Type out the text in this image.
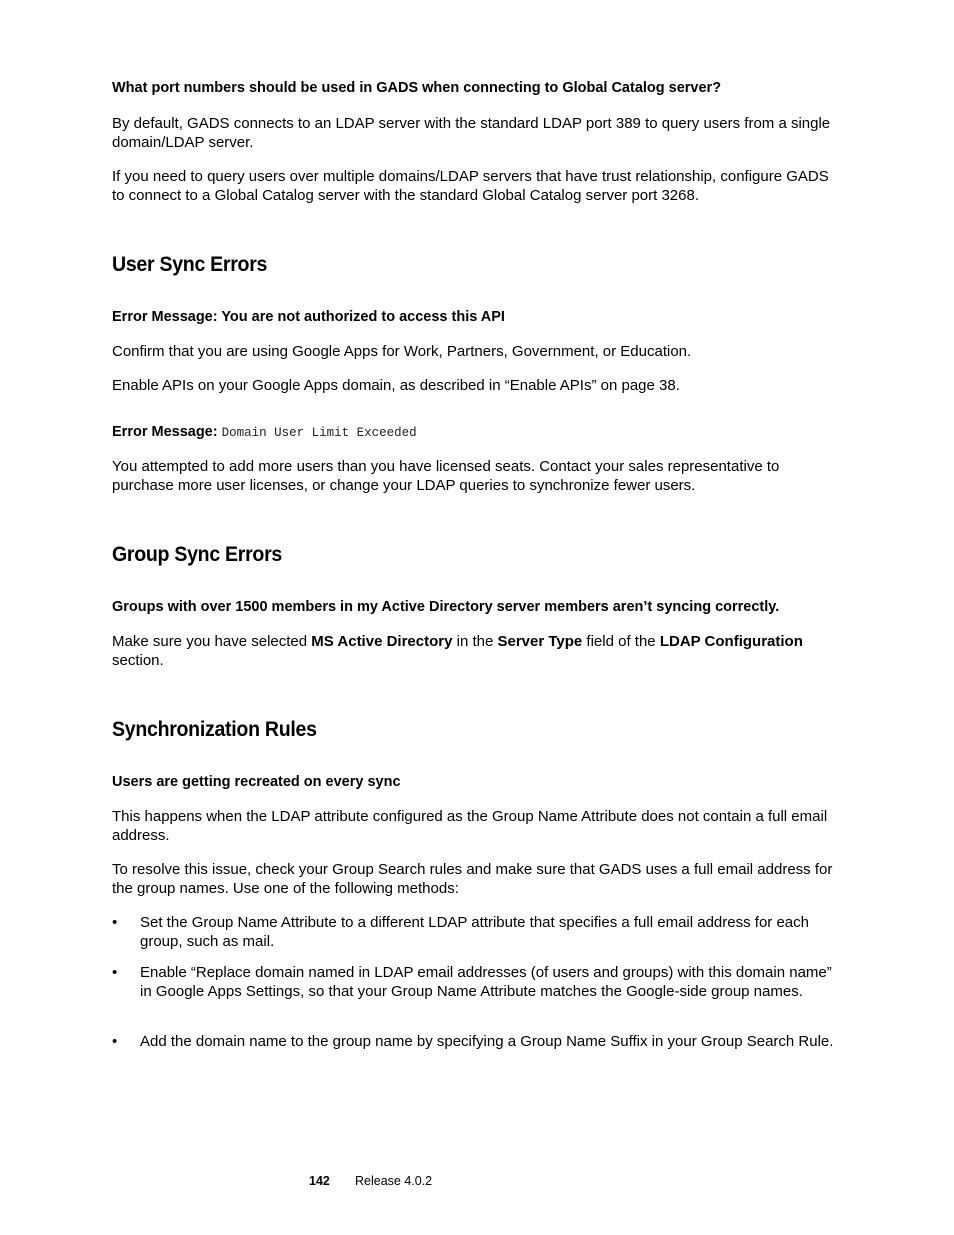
What port numbers should be used in GADS when connecting to Global Catalog server?

By default, GADS connects to an LDAP server with the standard LDAP port 389 to query users from a single domain/LDAP server.

If you need to query users over multiple domains/LDAP servers that have trust relationship, configure GADS to connect to a Global Catalog server with the standard Global Catalog server port 3268.

User Sync Errors

Error Message: You are not authorized to access this API

Confirm that you are using Google Apps for Work, Partners, Government, or Education.

Enable APIs on your Google Apps domain, as described in “Enable APIs” on page 38.

Error Message: Domain User Limit Exceeded

You attempted to add more users than you have licensed seats. Contact your sales representative to purchase more user licenses, or change your LDAP queries to synchronize fewer users.

Group Sync Errors

Groups with over 1500 members in my Active Directory server members aren’t syncing correctly.

Make sure you have selected MS Active Directory in the Server Type field of the LDAP Configuration section.

Synchronization Rules

Users are getting recreated on every sync

This happens when the LDAP attribute configured as the Group Name Attribute does not contain a full email address.

To resolve this issue, check your Group Search rules and make sure that GADS uses a full email address for the group names. Use one of the following methods:

• Set the Group Name Attribute to a different LDAP attribute that specifies a full email address for each group, such as mail.

• Enable “Replace domain named in LDAP email addresses (of users and groups) with this domain name” in Google Apps Settings, so that your Group Name Attribute matches the Google-side group names.

• Add the domain name to the group name by specifying a Group Name Suffix in your Group Search Rule.

142 Release 4.0.2
